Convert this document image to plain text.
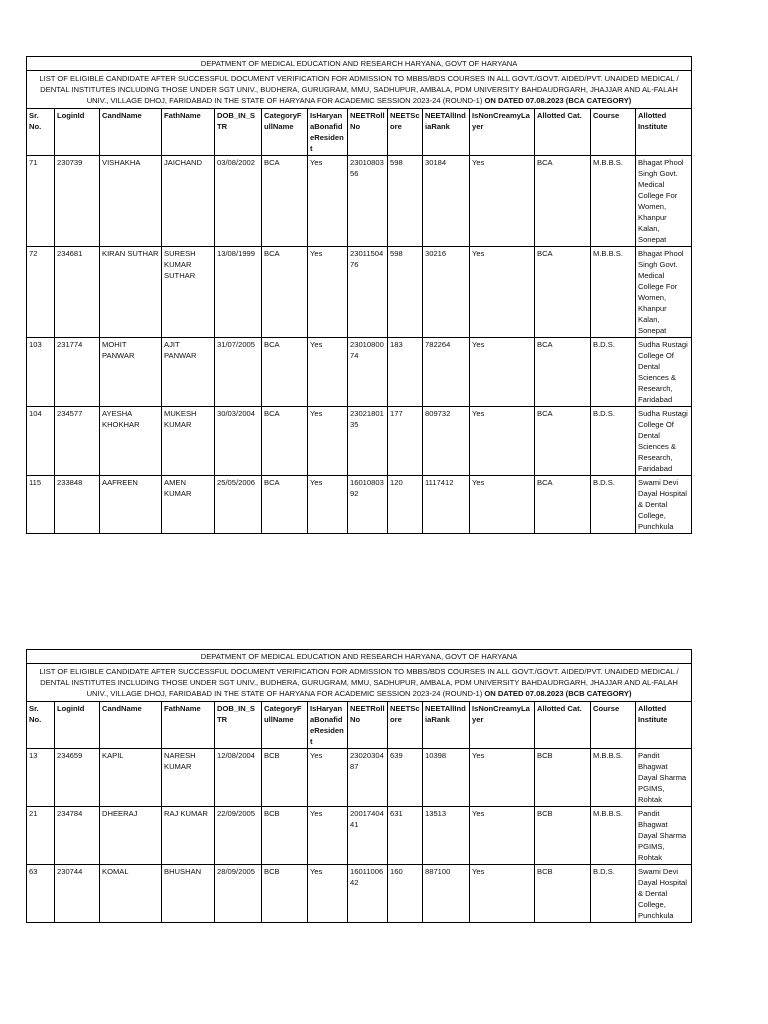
DEPATMENT OF MEDICAL EDUCATION AND RESEARCH HARYANA, GOVT OF HARYANA													
LIST OF ELIGIBLE CANDIDATE AFTER SUCCESSFUL DOCUMENT VERIFICATION FOR ADMISSION TO MBBS/BDS COURSES IN ALL GOVT./GOVT. AIDED/PVT. UNAIDED MEDICAL / DENTAL INSTITUTES INCLUDING THOSE UNDER SGT UNIV., BUDHERA, GURUGRAM, MMU, SADHUPUR, AMBALA, PDM UNIVERSITY BAHDAUDRGARH, JHAJJAR AND AL-FALAH UNIV., VILLAGE DHOJ, FARIDABAD IN THE STATE OF HARYANA FOR ACADEMIC SESSION 2023-24 (ROUND-1) ON DATED 07.08.2023 (BCA CATEGORY)													
Sr. No.	LoginId	CandName	FathName	DOB_IN_STR	CategoryFullName	IsHaryanaBonafideResident	NEETRollNo	NEETScore	NEETAllIndiaRank	IsNonCreamyLayer	Allotted Cat.	Course	Allotted Institute
71	230739	VISHAKHA	JAICHAND	03/08/2002	BCA	Yes	2301080356	598	30184	Yes	BCA	M.B.B.S.	Bhagat Phool Singh Govt. Medical College For Women, Khanpur Kalan, Sonepat
72	234681	KIRAN SUTHAR	SURESH KUMAR SUTHAR	13/08/1999	BCA	Yes	2301150476	598	30216	Yes	BCA	M.B.B.S.	Bhagat Phool Singh Govt. Medical College For Women, Khanpur Kalan, Sonepat
103	231774	MOHIT PANWAR	AJIT PANWAR	31/07/2005	BCA	Yes	2301080074	183	782264	Yes	BCA	B.D.S.	Sudha Rustagi College Of Dental Sciences & Research, Faridabad
104	234577	AYESHA KHOKHAR	MUKESH KUMAR	30/03/2004	BCA	Yes	2302180135	177	809732	Yes	BCA	B.D.S.	Sudha Rustagi College Of Dental Sciences & Research, Faridabad
115	233848	AAFREEN	AMEN KUMAR	25/05/2006	BCA	Yes	1601080392	120	1117412	Yes	BCA	B.D.S.	Swami Devi Dayal Hospital & Dental College, Punchkula
DEPATMENT OF MEDICAL EDUCATION AND RESEARCH HARYANA, GOVT OF HARYANA													
LIST OF ELIGIBLE CANDIDATE AFTER SUCCESSFUL DOCUMENT VERIFICATION FOR ADMISSION TO MBBS/BDS COURSES IN ALL GOVT./GOVT. AIDED/PVT. UNAIDED MEDICAL / DENTAL INSTITUTES INCLUDING THOSE UNDER SGT UNIV., BUDHERA, GURUGRAM, MMU, SADHUPUR, AMBALA, PDM UNIVERSITY BAHDAUDRGARH, JHAJJAR AND AL-FALAH UNIV., VILLAGE DHOJ, FARIDABAD IN THE STATE OF HARYANA FOR ACADEMIC SESSION 2023-24 (ROUND-1) ON DATED 07.08.2023 (BCB CATEGORY)													
Sr. No.	LoginId	CandName	FathName	DOB_IN_STR	CategoryFullName	IsHaryanaBonafideResident	NEETRollNo	NEETScore	NEETAllIndiaRank	IsNonCreamyLayer	Allotted Cat.	Course	Allotted Institute
13	234659	KAPIL	NARESH KUMAR	12/08/2004	BCB	Yes	2302030487	639	10398	Yes	BCB	M.B.B.S.	Pandit Bhagwat Dayal Sharma PGIMS, Rohtak
21	234784	DHEERAJ	RAJ KUMAR	22/09/2005	BCB	Yes	2001740441	631	13513	Yes	BCB	M.B.B.S.	Pandit Bhagwat Dayal Sharma PGIMS, Rohtak
63	230744	KOMAL	BHUSHAN	28/09/2005	BCB	Yes	1601100642	160	887100	Yes	BCB	B.D.S.	Swami Devi Dayal Hospital & Dental College, Punchkula
